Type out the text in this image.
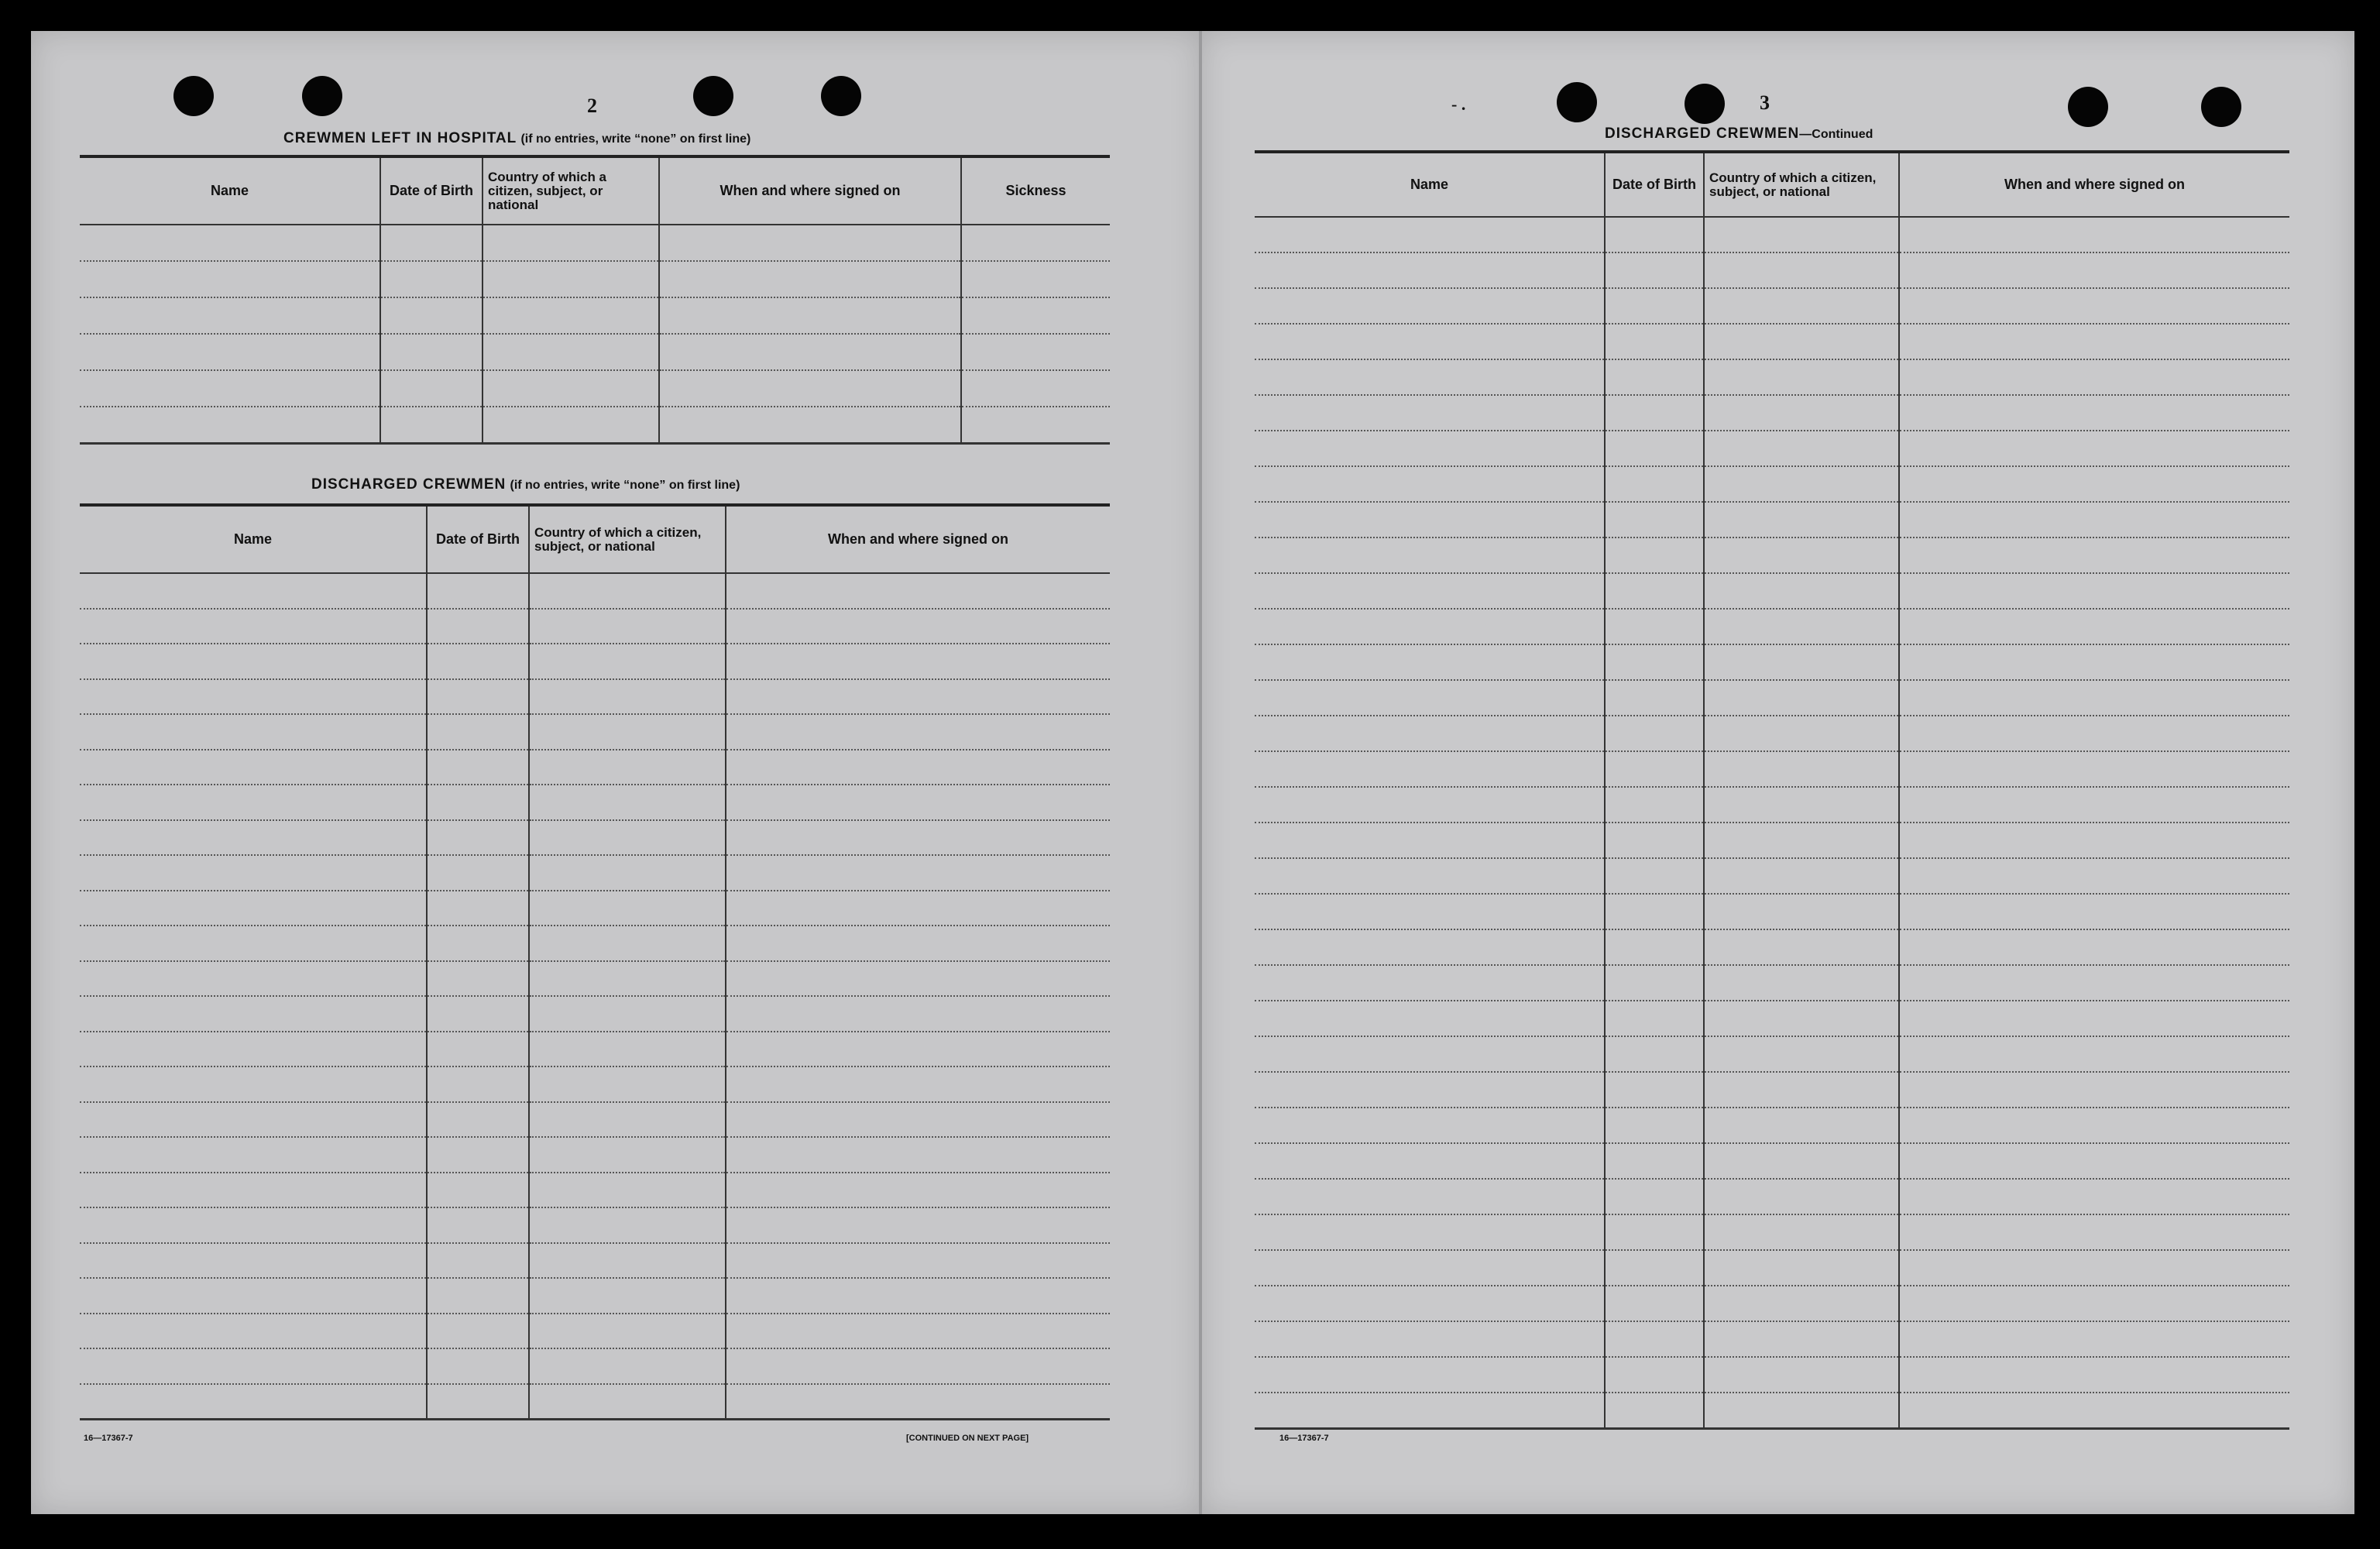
2
CREWMEN LEFT IN HOSPITAL (if no entries, write “none” on first line)
Name	Date of Birth	Country of which a citizen, subject, or national	When and where signed on	Sickness

DISCHARGED CREWMEN (if no entries, write “none” on first line)
Name	Date of Birth	Country of which a citizen, subject, or national	When and where signed on

16—17367-7	[CONTINUED ON NEXT PAGE]
- .	3
DISCHARGED CREWMEN—Continued
Name	Date of Birth	Country of which a citizen, subject, or national	When and where signed on

16—17367-7
